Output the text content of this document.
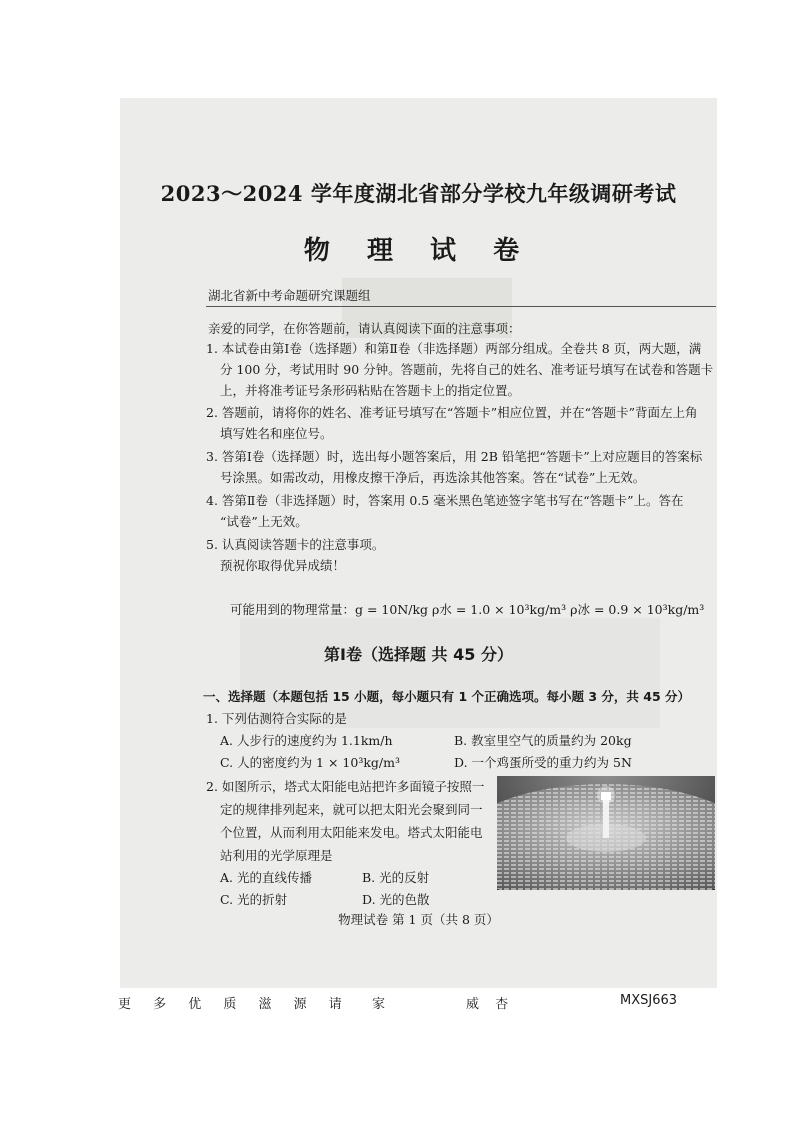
2023～2024 学年度湖北省部分学校九年级调研考试
物 理 试 卷
湖北省新中考命题研究课题组
亲爱的同学，在你答题前，请认真阅读下面的注意事项：
1. 本试卷由第Ⅰ卷（选择题）和第Ⅱ卷（非选择题）两部分组成。全卷共 8 页，两大题，满
分 100 分，考试用时 90 分钟。答题前，先将自己的姓名、准考证号填写在试卷和答题卡
上，并将准考证号条形码粘贴在答题卡上的指定位置。
2. 答题前，请将你的姓名、准考证号填写在“答题卡”相应位置，并在“答题卡”背面左上角
填写姓名和座位号。
3. 答第Ⅰ卷（选择题）时，选出每小题答案后，用 2B 铅笔把“答题卡”上对应题目的答案标
号涂黑。如需改动，用橡皮擦干净后，再选涂其他答案。答在“试卷”上无效。
4. 答第Ⅱ卷（非选择题）时，答案用 0.5 毫米黑色笔迹签字笔书写在“答题卡”上。答在
“试卷”上无效。
5. 认真阅读答题卡的注意事项。
预祝你取得优异成绩！
可能用到的物理常量：g = 10N/kg ρ水 = 1.0 × 10³kg/m³ ρ冰 = 0.9 × 10³kg/m³
第Ⅰ卷（选择题 共 45 分）
一、选择题（本题包括 15 小题，每小题只有 1 个正确选项。每小题 3 分，共 45 分）
1. 下列估测符合实际的是
A. 人步行的速度约为 1.1km/h	B. 教室里空气的质量约为 20kg
C. 人的密度约为 1 × 10³kg/m³	D. 一个鸡蛋所受的重力约为 5N
2. 如图所示，塔式太阳能电站把许多面镜子按照一
定的规律排列起来，就可以把太阳光会聚到同一
个位置，从而利用太阳能来发电。塔式太阳能电
站利用的光学原理是
A. 光的直线传播	B. 光的反射
C. 光的折射	D. 光的色散
物理试卷 第 1 页（共 8 页）
更 多 优 质 滋 源 请 家	威 杏	MXSJ663
